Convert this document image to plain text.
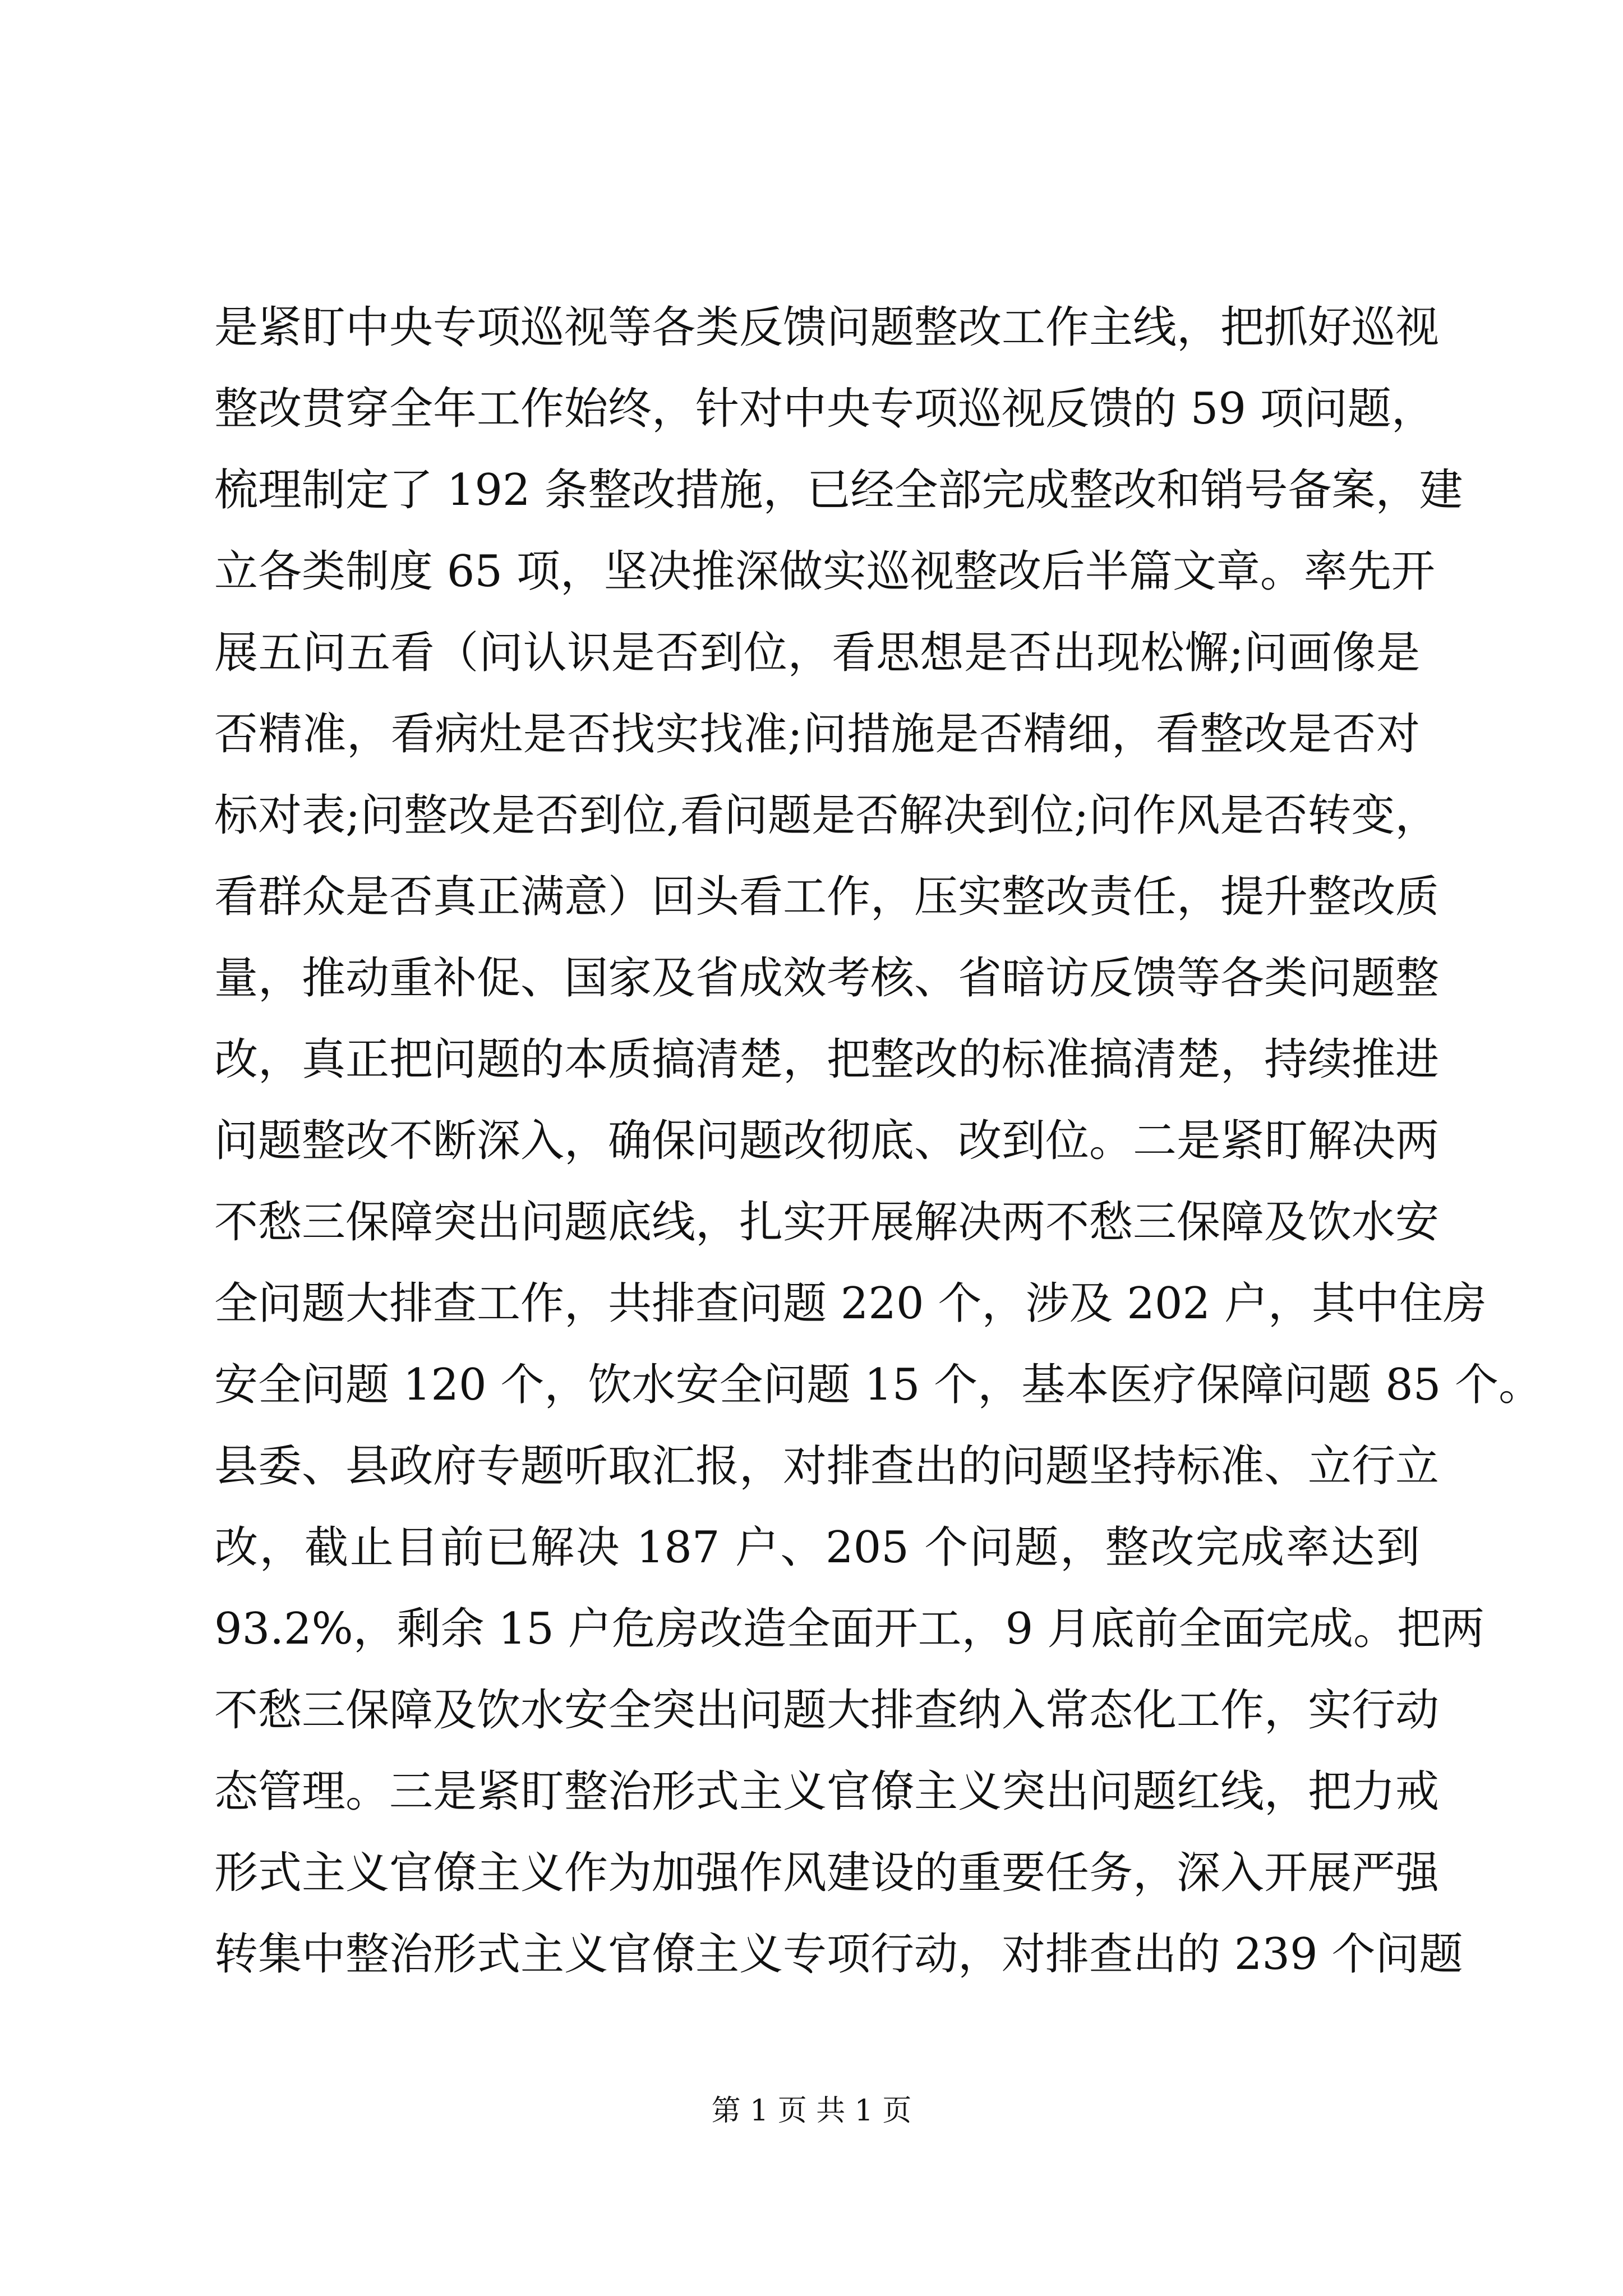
是紧盯中央专项巡视等各类反馈问题整改工作主线，把抓好巡视
整改贯穿全年工作始终，针对中央专项巡视反馈的 59 项问题，
梳理制定了 192 条整改措施，已经全部完成整改和销号备案，建
立各类制度 65 项，坚决推深做实巡视整改后半篇文章。率先开
展五问五看（问认识是否到位，看思想是否出现松懈;问画像是
否精准，看病灶是否找实找准;问措施是否精细，看整改是否对
标对表;问整改是否到位,看问题是否解决到位;问作风是否转变，
看群众是否真正满意）回头看工作，压实整改责任，提升整改质
量，推动重补促、国家及省成效考核、省暗访反馈等各类问题整
改，真正把问题的本质搞清楚，把整改的标准搞清楚，持续推进
问题整改不断深入，确保问题改彻底、改到位。二是紧盯解决两
不愁三保障突出问题底线，扎实开展解决两不愁三保障及饮水安
全问题大排查工作，共排查问题 220 个，涉及 202 户，其中住房
安全问题 120 个，饮水安全问题 15 个，基本医疗保障问题 85 个。
县委、县政府专题听取汇报，对排查出的问题坚持标准、立行立
改，截止目前已解决 187 户、205 个问题，整改完成率达到
93.2%，剩余 15 户危房改造全面开工，9 月底前全面完成。把两
不愁三保障及饮水安全突出问题大排查纳入常态化工作，实行动
态管理。三是紧盯整治形式主义官僚主义突出问题红线，把力戒
形式主义官僚主义作为加强作风建设的重要任务，深入开展严强
转集中整治形式主义官僚主义专项行动，对排查出的 239 个问题
第 1 页 共 1 页
